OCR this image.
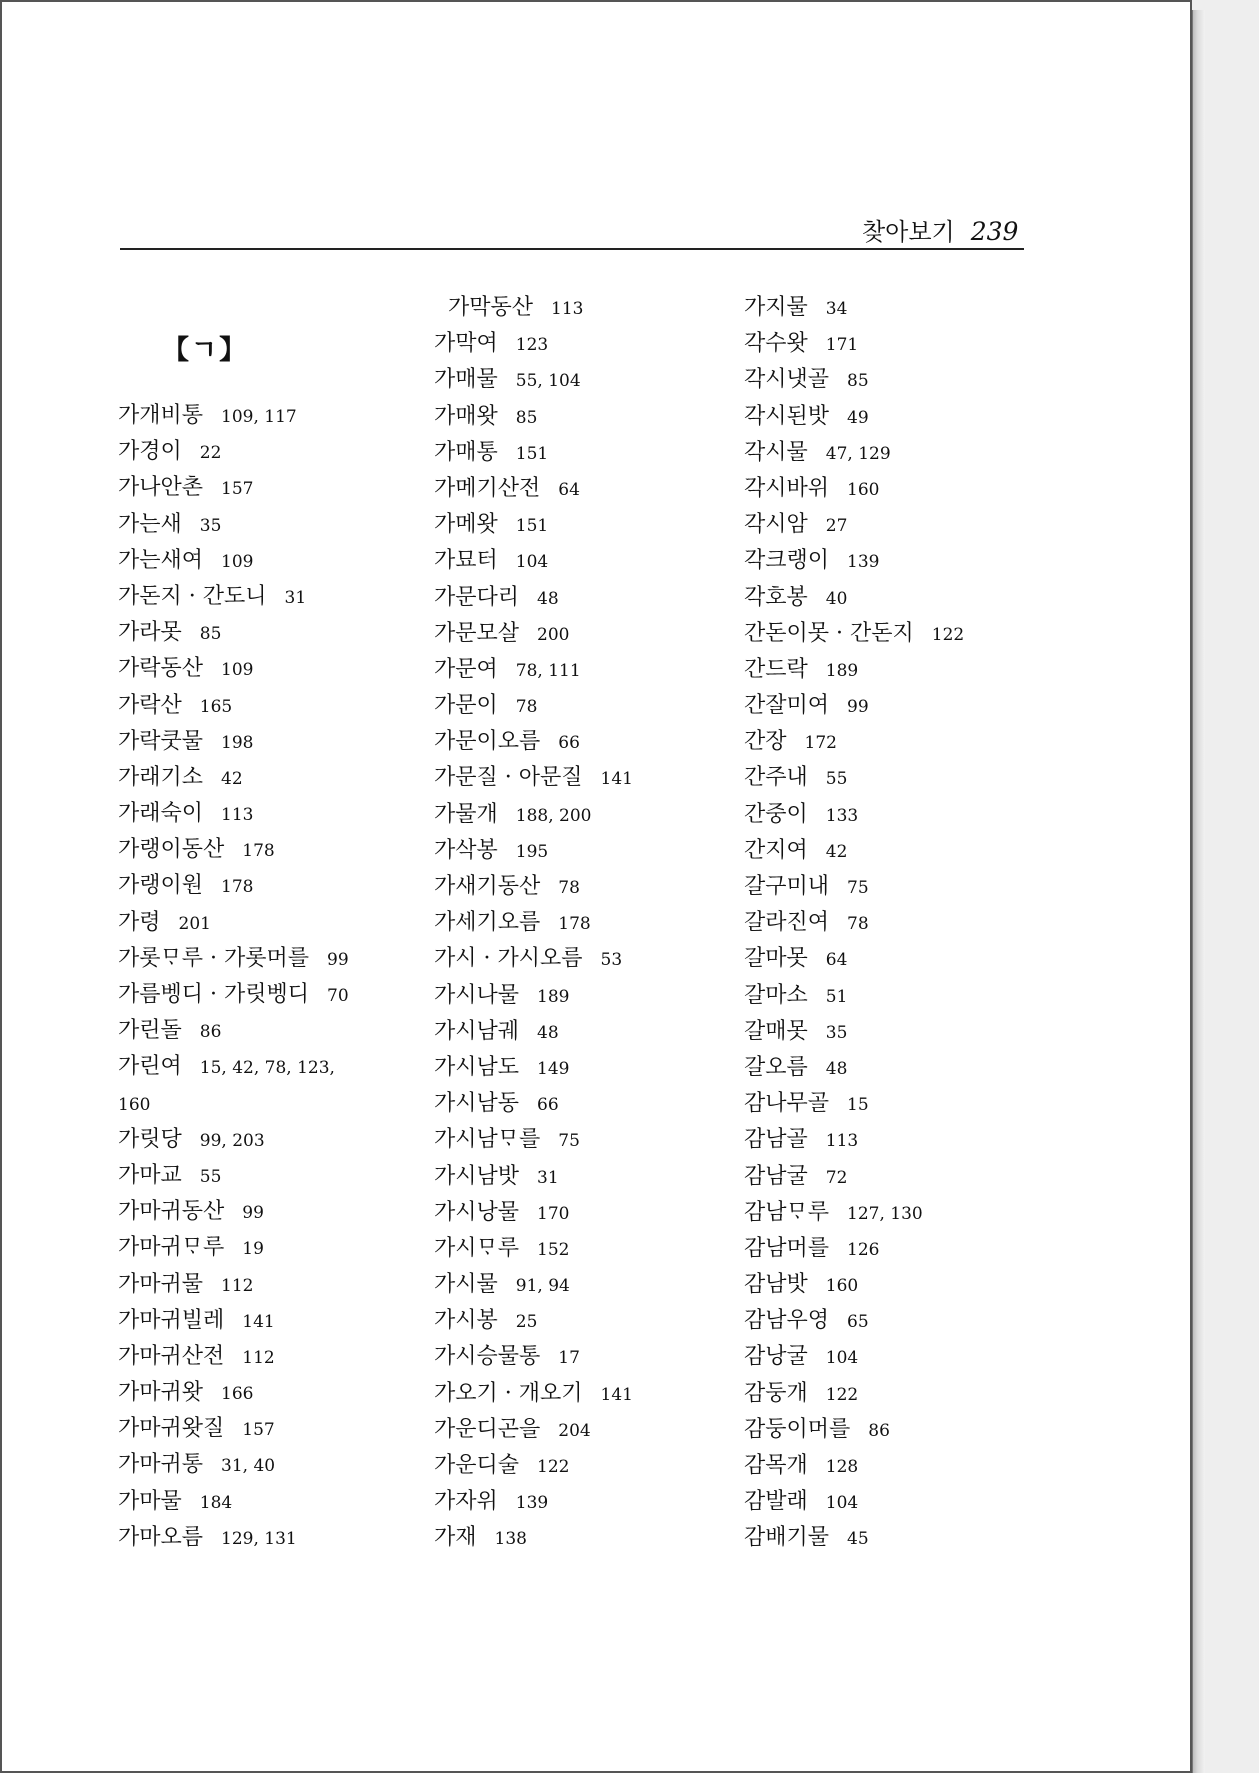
찾아보기 239
【ㄱ】
가개비통 109, 117
가경이 22
가나안촌 157
가는새 35
가는새여 109
가돈지 · 간도니 31
가라못 85
가락동산 109
가락산 165
가락쿳물 198
가래기소 42
가래숙이 113
가랭이동산 178
가랭이원 178
가령 201
가롯ᄆᆞ루 · 가롯머를 99
가름벵디 · 가릿벵디 70
가린돌 86
가린여 15, 42, 78, 123,
160
가릿당 99, 203
가마교 55
가마귀동산 99
가마귀ᄆᆞ루 19
가마귀물 112
가마귀빌레 141
가마귀산전 112
가마귀왓 166
가마귀왓질 157
가마귀통 31, 40
가마물 184
가마오름 129, 131
가막동산 113
가막여 123
가매물 55, 104
가매왓 85
가매통 151
가메기산전 64
가메왓 151
가묘터 104
가문다리 48
가문모살 200
가문여 78, 111
가문이 78
가문이오름 66
가문질 · 아문질 141
가물개 188, 200
가삭봉 195
가새기동산 78
가세기오름 178
가시 · 가시오름 53
가시나물 189
가시남궤 48
가시남도 149
가시남동 66
가시남ᄆᆞ를 75
가시남밧 31
가시낭물 170
가시ᄆᆞ루 152
가시물 91, 94
가시봉 25
가시승물통 17
가오기 · 개오기 141
가운디곤을 204
가운디술 122
가자위 139
가재 138
가지물 34
각수왓 171
각시냇골 85
각시된밧 49
각시물 47, 129
각시바위 160
각시암 27
각크랭이 139
각호봉 40
간돈이못 · 간돈지 122
간드락 189
간잘미여 99
간장 172
간주내 55
간중이 133
간지여 42
갈구미내 75
갈라진여 78
갈마못 64
갈마소 51
갈매못 35
갈오름 48
감나무골 15
감남골 113
감남굴 72
감남ᄆᆞ루 127, 130
감남머를 126
감남밧 160
감남우영 65
감낭굴 104
감둥개 122
감둥이머를 86
감목개 128
감발래 104
감배기물 45
